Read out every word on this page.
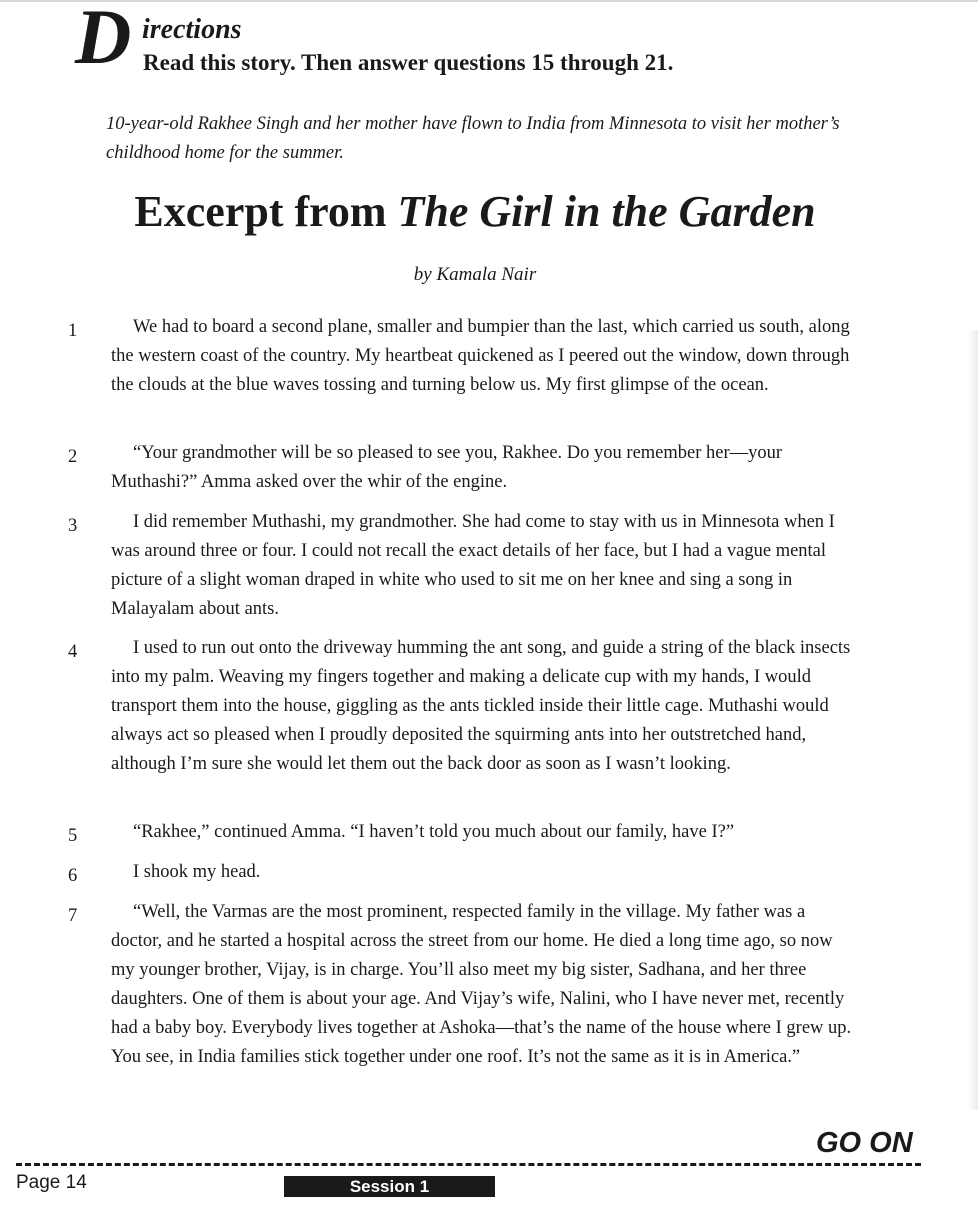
D irections
Read this story. Then answer questions 15 through 21.
10-year-old Rakhee Singh and her mother have flown to India from Minnesota to visit her mother’s childhood home for the summer.
Excerpt from The Girl in the Garden
by Kamala Nair
1	We had to board a second plane, smaller and bumpier than the last, which carried us south, along the western coast of the country. My heartbeat quickened as I peered out the window, down through the clouds at the blue waves tossing and turning below us. My first glimpse of the ocean.

2	“Your grandmother will be so pleased to see you, Rakhee. Do you remember her—your Muthashi?” Amma asked over the whir of the engine.

3	I did remember Muthashi, my grandmother. She had come to stay with us in Minnesota when I was around three or four. I could not recall the exact details of her face, but I had a vague mental picture of a slight woman draped in white who used to sit me on her knee and sing a song in Malayalam about ants.

4	I used to run out onto the driveway humming the ant song, and guide a string of the black insects into my palm. Weaving my fingers together and making a delicate cup with my hands, I would transport them into the house, giggling as the ants tickled inside their little cage. Muthashi would always act so pleased when I proudly deposited the squirming ants into her outstretched hand, although I’m sure she would let them out the back door as soon as I wasn’t looking.

5	“Rakhee,” continued Amma. “I haven’t told you much about our family, have I?”

6	I shook my head.

7	“Well, the Varmas are the most prominent, respected family in the village. My father was a doctor, and he started a hospital across the street from our home. He died a long time ago, so now my younger brother, Vijay, is in charge. You’ll also meet my big sister, Sadhana, and her three daughters. One of them is about your age. And Vijay’s wife, Nalini, who I have never met, recently had a baby boy. Everybody lives together at Ashoka—that’s the name of the house where I grew up. You see, in India families stick together under one roof. It’s not the same as it is in America.”

GO ON
Page 14	Session 1
